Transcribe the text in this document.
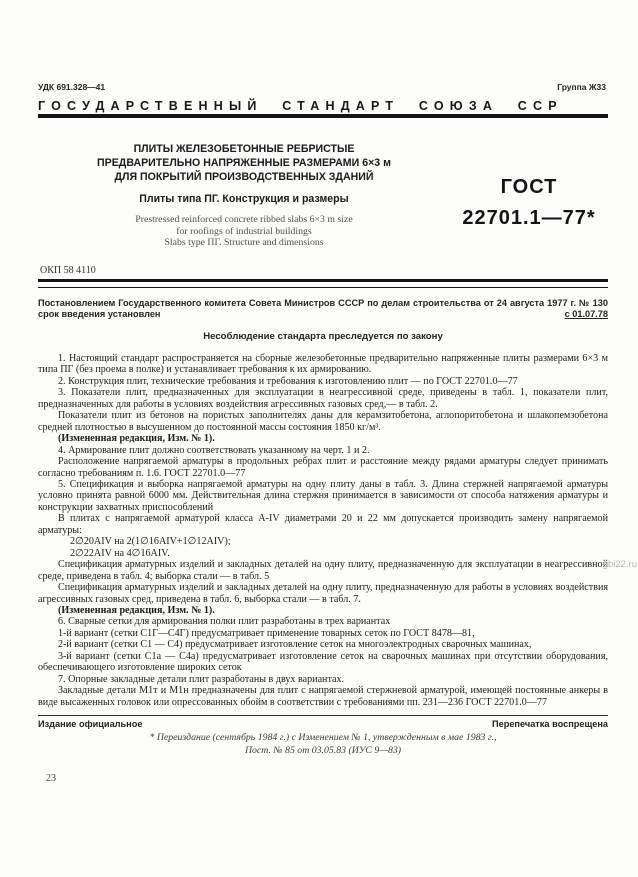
УДК 691.328—41	Группа Ж33
ГОСУДАРСТВЕННЫЙ СТАНДАРТ СОЮЗА ССР
ПЛИТЫ ЖЕЛЕЗОБЕТОННЫЕ РЕБРИСТЫЕ
ПРЕДВАРИТЕЛЬНО НАПРЯЖЕННЫЕ РАЗМЕРАМИ 6×3 м
ДЛЯ ПОКРЫТИЙ ПРОИЗВОДСТВЕННЫХ ЗДАНИЙ
Плиты типа ПГ. Конструкция и размеры
Prestressed reinforced concrete ribbed slabs 6×3 m size
for roofings of industrial buildings
Slabs type ПГ. Structure and dimensions
ГОСТ
22701.1—77*
ОКП 58 4110
Постановлением Государственного комитета Совета Министров СССР по делам строительства от 24 августа 1977 г. № 130 срок введения установлен	с 01.07.78
Несоблюдение стандарта преследуется по закону

1. Настоящий стандарт распространяется на сборные железобетонные предварительно напряженные плиты размерами 6×3 м типа ПГ (без проема в полке) и устанавливает требования к их армированию.

2. Конструкция плит, технические требования и требования к изготовлению плит — по ГОСТ 22701.0—77

3. Показатели плит, предназначенных для эксплуатации в неагрессивной среде, приведены в табл. 1, показатели плит, предназначенных для работы в условиях воздействия агрессивных газовых сред,— в табл. 2.

Показатели плит из бетонов на пористых заполнителях даны для керамзитобетона, аглопоритобетона и шлакопемзобетона средней плотностью в высушенном до постоянной массы состояния 1850 кг/м³.

(Измененная редакция, Изм. № 1).

4. Армирование плит должно соответствовать указанному на черт. 1 и 2.

Расположение напрягаемой арматуры в продольных ребрах плит и расстояние между рядами арматуры следует принимать согласно требованиям п. 1.6. ГОСТ 22701.0—77

5. Спецификация и выборка напрягаемой арматуры на одну плиту даны в табл. 3. Длина стержней напрягаемой арматуры условно принята равной 6000 мм. Действительная длина стержня принимается в зависимости от способа натяжения арматуры и конструкции захватных приспособлений

В плитах с напрягаемой арматурой класса А-IV диаметрами 20 и 22 мм допускается производить замену напрягаемой арматуры:

2∅20АIV на 2(1∅16АIV+1∅12АIV);

2∅22АIV на 4∅16АIV.

Спецификация арматурных изделий и закладных деталей на одну плиту, предназначенную для эксплуатации в неагрессивной среде, приведена в табл. 4; выборка стали — в табл. 5

Спецификация арматурных изделий и закладных деталей на одну плиту, предназначенную для работы в условиях воздействия агрессивных газовых сред, приведена в табл. 6, выборка стали — в табл. 7.

(Измененная редакция, Изм. № 1).

6. Сварные сетки для армирования полки плит разработаны в трех вариантах

1-й вариант (сетки С1Г—С4Г) предусматривает применение товарных сеток по ГОСТ 8478—81,

2-й вариант (сетки С1 — С4) предусматривает изготовление сеток на многоэлектродных сварочных машинах,

3-й вариант (сетки С1а — С4а) предусматривает изготовление сеток на сварочных машинах при отсутствии оборудования, обеспечивающего изготовление широких сеток

7. Опорные закладные детали плит разработаны в двух вариантах.

Закладные детали М1т и М1н предназначены для плит с напрягаемой стержневой арматурой, имеющей постоянные анкеры в виде высаженных головок или опрессованных обойм в соответствии с требованиями пп. 231—236 ГОСТ 22701.0—77

gbi22.ru
Издание официальное	Перепечатка воспрещена
* Переиздание (сентябрь 1984 г.) с Изменением № 1, утвержденным в мае 1983 г.,
Пост. № 85 от 03.05.83 (ИУС 9—83)
23
